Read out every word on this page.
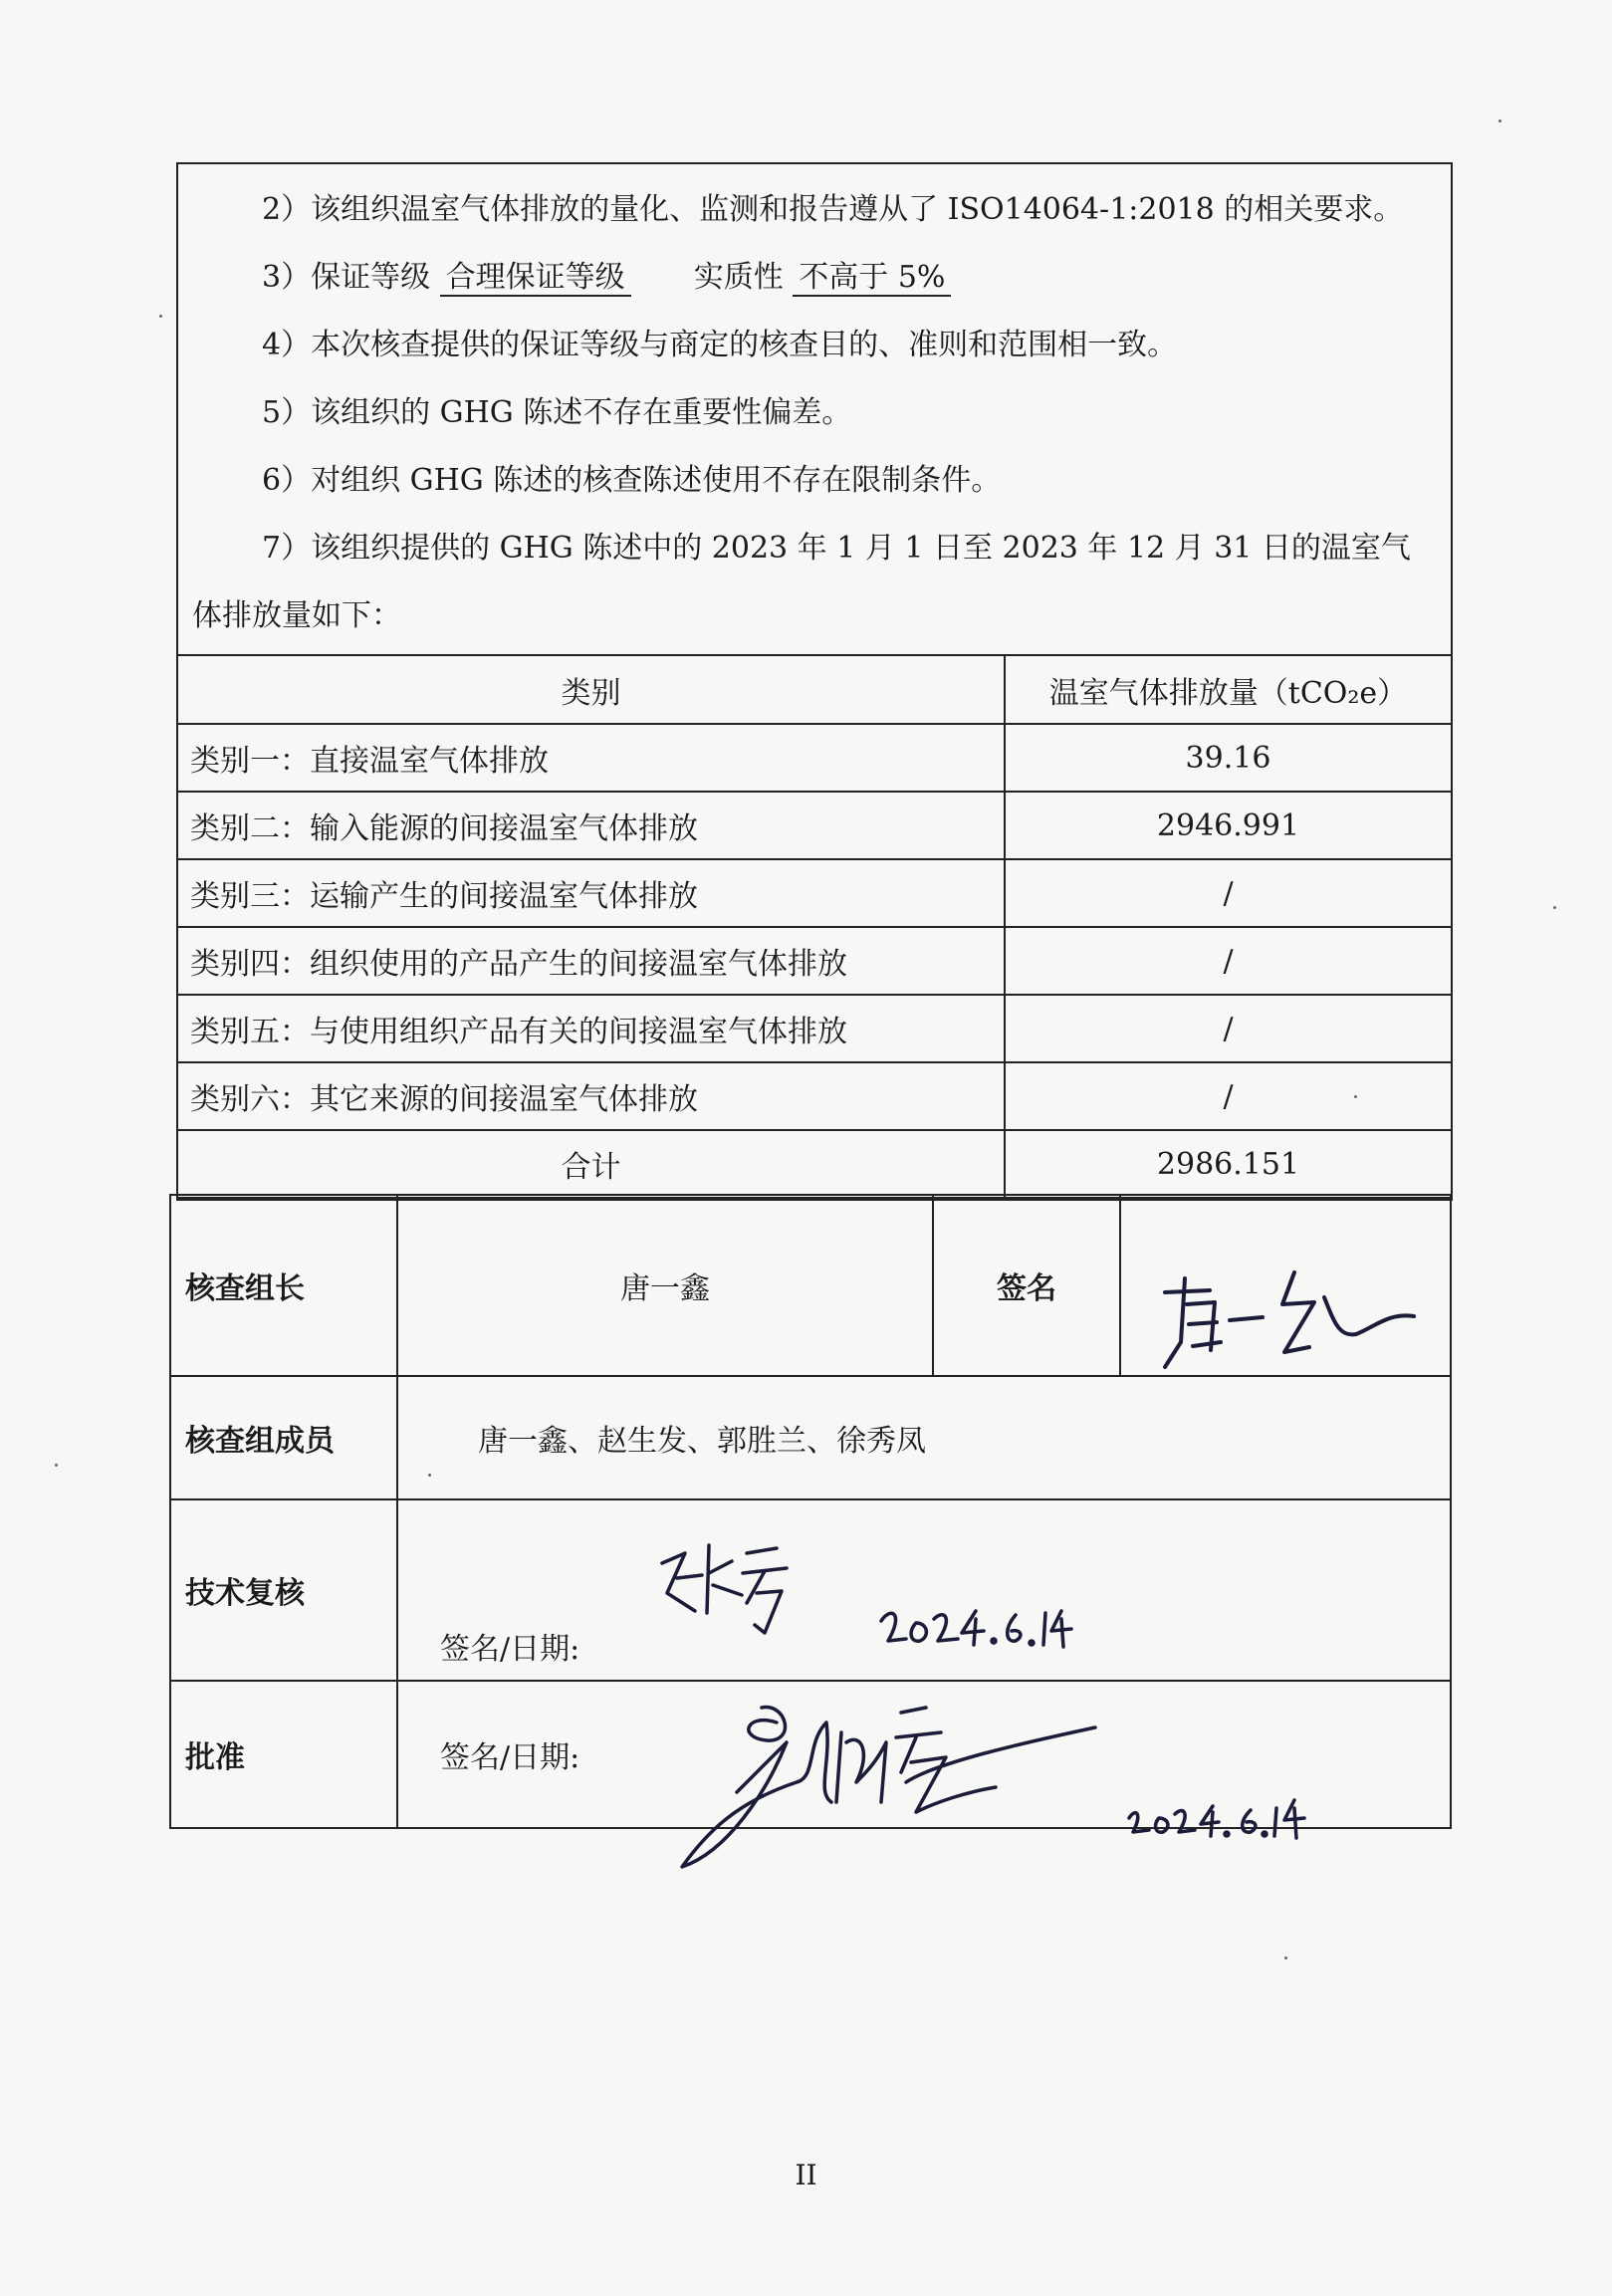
2）该组织温室气体排放的量化、监测和报告遵从了 ISO14064-1:2018 的相关要求。
3）保证等级 合理保证等级 实质性 不高于 5%
4）本次核查提供的保证等级与商定的核查目的、准则和范围相一致。
5）该组织的 GHG 陈述不存在重要性偏差。
6）对组织 GHG 陈述的核查陈述使用不存在限制条件。
7）该组织提供的 GHG 陈述中的 2023 年 1 月 1 日至 2023 年 12 月 31 日的温室气
体排放量如下：
类别	温室气体排放量（tCO₂e）
类别一：直接温室气体排放	39.16
类别二：输入能源的间接温室气体排放	2946.991
类别三：运输产生的间接温室气体排放	/
类别四：组织使用的产品产生的间接温室气体排放	/
类别五：与使用组织产品有关的间接温室气体排放	/
类别六：其它来源的间接温室气体排放	/
合计	2986.151
核查组长	唐一鑫	签名	
核查组成员	唐一鑫、赵生发、郭胜兰、徐秀凤		
技术复核	签名/日期:		
批准	签名/日期:		
II
